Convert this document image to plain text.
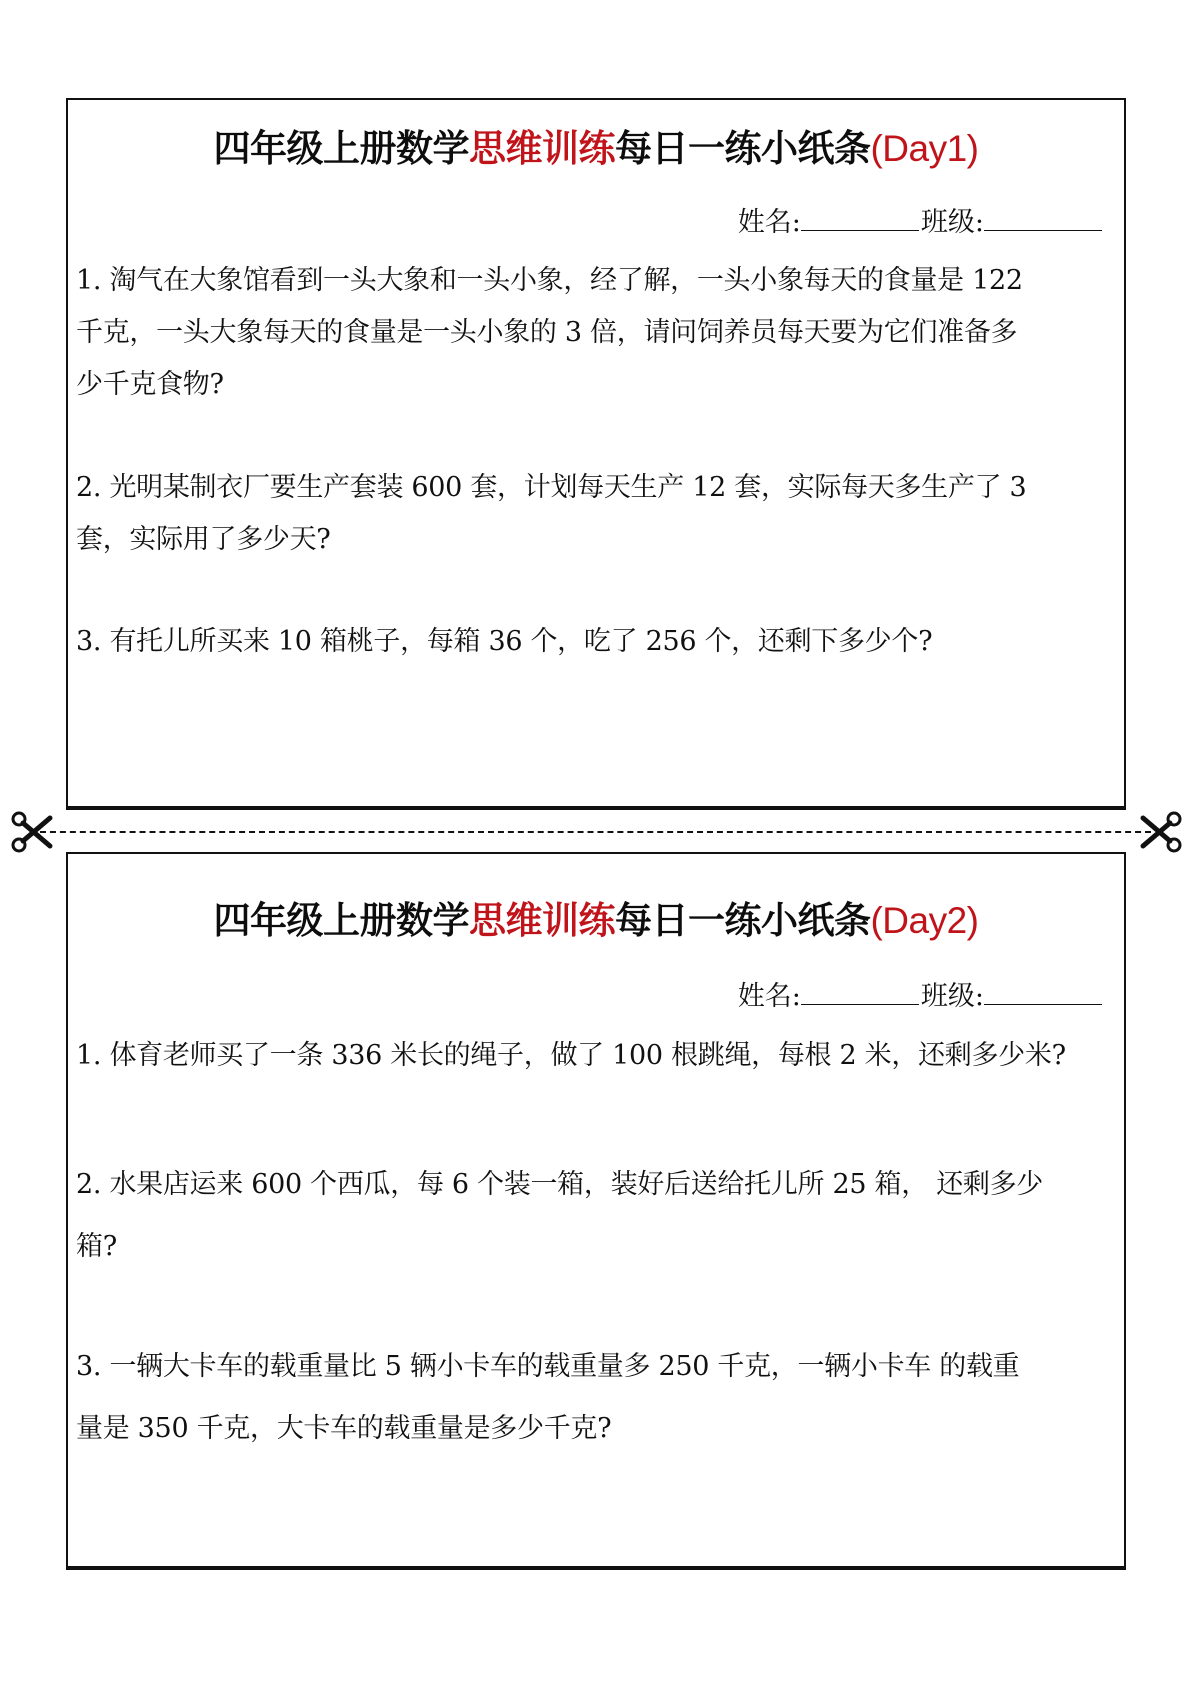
四年级上册数学思维训练每日一练小纸条(Day1)
姓名:	班级:
1. 淘气在大象馆看到一头大象和一头小象，经了解，一头小象每天的食量是 122
千克，一头大象每天的食量是一头小象的 3 倍，请问饲养员每天要为它们准备多
少千克食物?
2. 光明某制衣厂要生产套装 600 套，计划每天生产 12 套，实际每天多生产了 3
套，实际用了多少天?
3. 有托儿所买来 10 箱桃子，每箱 36 个，吃了 256 个，还剩下多少个?
四年级上册数学思维训练每日一练小纸条(Day2)
姓名:	班级:
1. 体育老师买了一条 336 米长的绳子，做了 100 根跳绳，每根 2 米，还剩多少米?
2. 水果店运来 600 个西瓜，每 6 个装一箱，装好后送给托儿所 25 箱， 还剩多少
箱?
3. 一辆大卡车的载重量比 5 辆小卡车的载重量多 250 千克，一辆小卡车 的载重
量是 350 千克，大卡车的载重量是多少千克?
